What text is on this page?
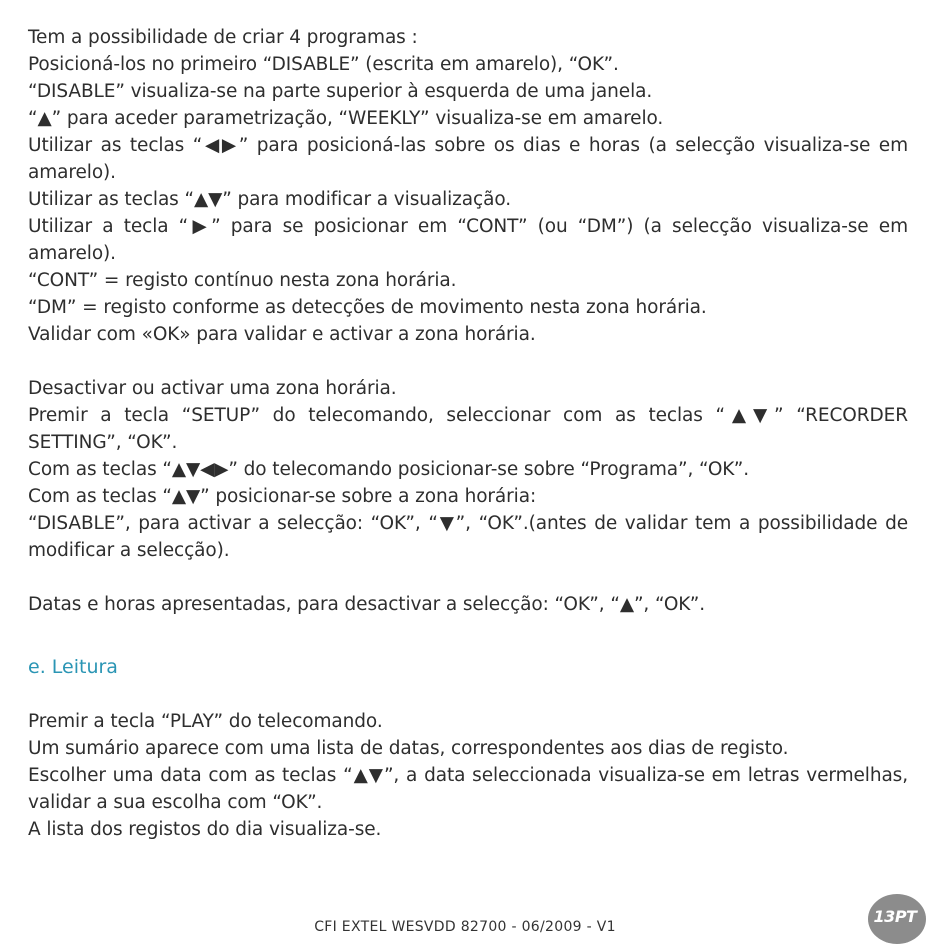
Tem a possibilidade de criar 4 programas :

Posicioná-los no primeiro “DISABLE” (escrita em amarelo), “OK”.

“DISABLE” visualiza-se na parte superior à esquerda de uma janela.

“▲” para aceder parametrização, “WEEKLY” visualiza-se em amarelo.

Utilizar as teclas “◀▶” para posicioná-las sobre os dias e horas (a selecção visualiza-se em amarelo).

Utilizar as teclas “▲▼” para modificar a visualização.

Utilizar a tecla “▶” para se posicionar em “CONT” (ou “DM”) (a selecção visualiza-se em amarelo).

“CONT” = registo contínuo nesta zona horária.

“DM” = registo conforme as detecções de movimento nesta zona horária.

Validar com «OK» para validar e activar a zona horária.

Desactivar ou activar uma zona horária.

Premir a tecla “SETUP” do telecomando, seleccionar com as teclas “▲▼” “RECORDER SETTING”, “OK”.

Com as teclas “▲▼◀▶” do telecomando posicionar-se sobre “Programa”, “OK”.

Com as teclas “▲▼” posicionar-se sobre a zona horária:

“DISABLE”, para activar a selecção: “OK”, “▼”, “OK”.(antes de validar tem a possibilidade de modificar a selecção).

Datas e horas apresentadas, para desactivar a selecção: “OK”, “▲”, “OK”.

e. Leitura

Premir a tecla “PLAY” do telecomando.

Um sumário aparece com uma lista de datas, correspondentes aos dias de registo.

Escolher uma data com as teclas “▲▼”, a data seleccionada visualiza-se em letras vermelhas, validar a sua escolha com “OK”.

A lista dos registos do dia visualiza-se.

CFI EXTEL WESVDD 82700 - 06/2009 - V1
13PT
